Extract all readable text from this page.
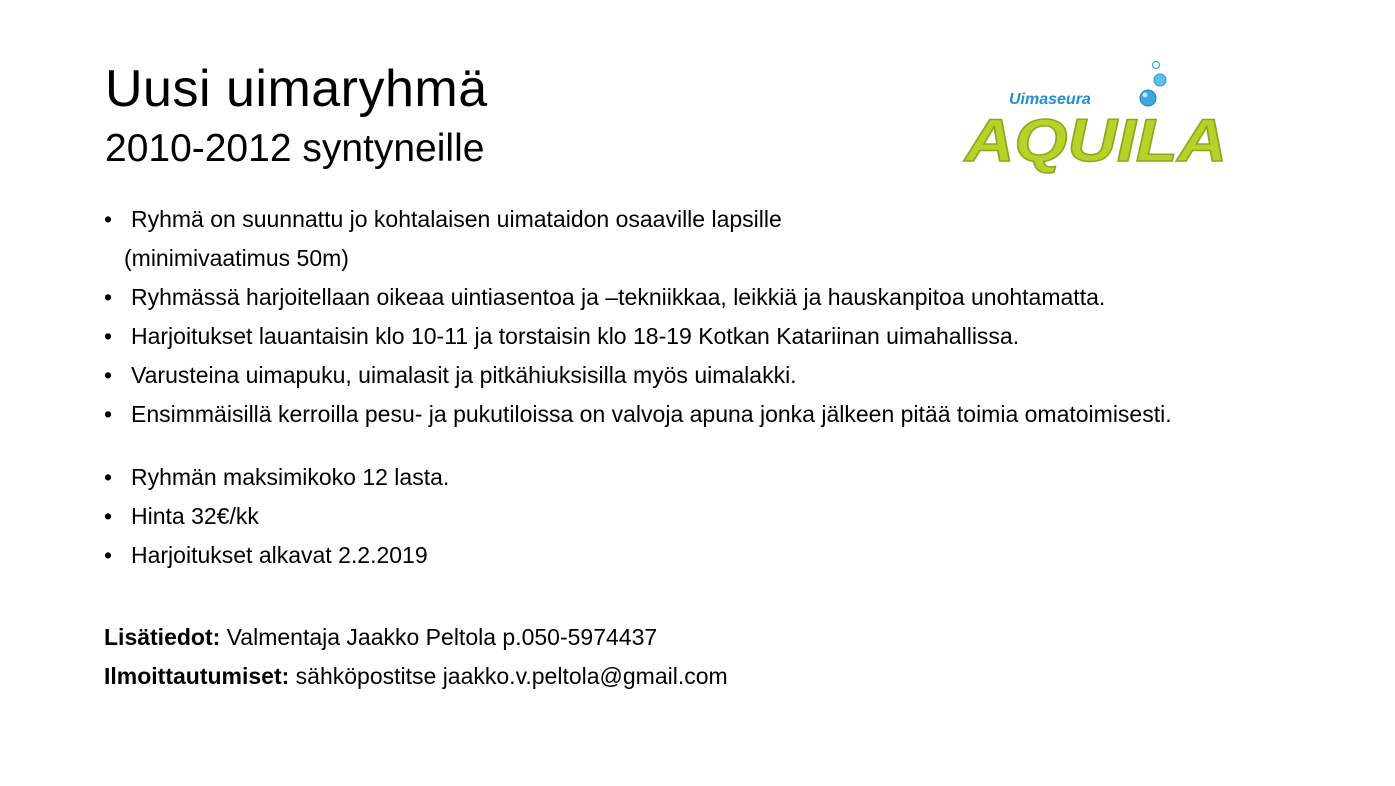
Uusi uimaryhmä
2010-2012 syntyneille
Uimaseura
AQUILA
• Ryhmä on suunnattu jo kohtalaisen uimataidon osaaville lapsille
(minimivaatimus 50m)
• Ryhmässä harjoitellaan oikeaa uintiasentoa ja –tekniikkaa, leikkiä ja hauskanpitoa unohtamatta.
• Harjoitukset lauantaisin klo 10-11 ja torstaisin klo 18-19 Kotkan Katariinan uimahallissa.
• Varusteina uimapuku, uimalasit ja pitkähiuksisilla myös uimalakki.
• Ensimmäisillä kerroilla pesu- ja pukutiloissa on valvoja apuna jonka jälkeen pitää toimia omatoimisesti.
• Ryhmän maksimikoko 12 lasta.
• Hinta 32€/kk
• Harjoitukset alkavat 2.2.2019

Lisätiedot: Valmentaja Jaakko Peltola p.050-5974437

Ilmoittautumiset: sähköpostitse jaakko.v.peltola@gmail.com
